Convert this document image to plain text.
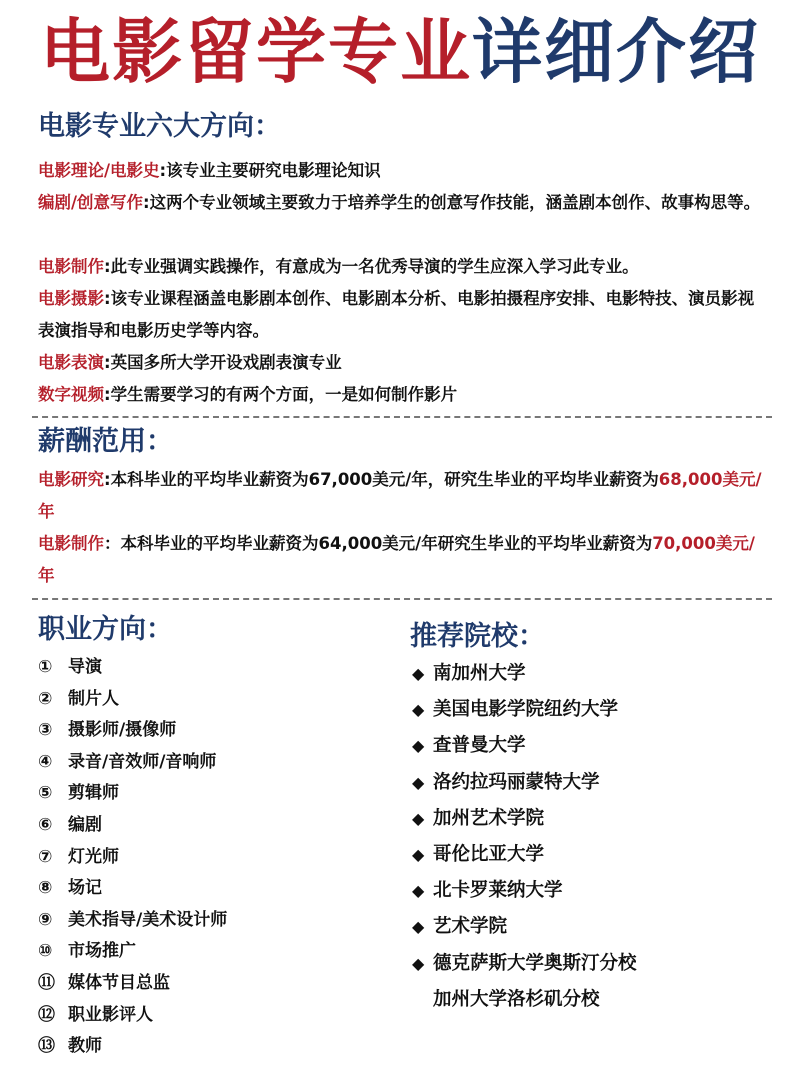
电影留学专业详细介绍
电影专业六大方向：
电影理论/电影史:该专业主要研究电影理论知识
编剧/创意写作:这两个专业领域主要致力于培养学生的创意写作技能，涵盖剧本创作、故事构思等。
电影制作:此专业强调实践操作，有意成为一名优秀导演的学生应深入学习此专业。
电影摄影:该专业课程涵盖电影剧本创作、电影剧本分析、电影拍摄程序安排、电影特技、演员影视表演指导和电影历史学等内容。
电影表演:英国多所大学开设戏剧表演专业
数字视频:学生需要学习的有两个方面，一是如何制作影片
薪酬范用：
电影研究:本科毕业的平均毕业薪资为67,000美元/年，研究生毕业的平均毕业薪资为68,000美元/年
电影制作：本科毕业的平均毕业薪资为64,000美元/年研究生毕业的平均毕业薪资为70,000美元/年
职业方向：	推荐院校：
① 导演
② 制片人
③ 摄影师/摄像师
④ 录音/音效师/音响师
⑤ 剪辑师
⑥ 编剧
⑦ 灯光师
⑧ 场记
⑨ 美术指导/美术设计师
⑩ 市场推广
⑪ 媒体节目总监
⑫ 职业影评人
⑬ 教师
◆ 南加州大学
◆ 美国电影学院纽约大学
◆ 查普曼大学
◆ 洛约拉玛丽蒙特大学
◆ 加州艺术学院
◆ 哥伦比亚大学
◆ 北卡罗莱纳大学
◆ 艺术学院
◆ 德克萨斯大学奥斯汀分校
加州大学洛杉矶分校
